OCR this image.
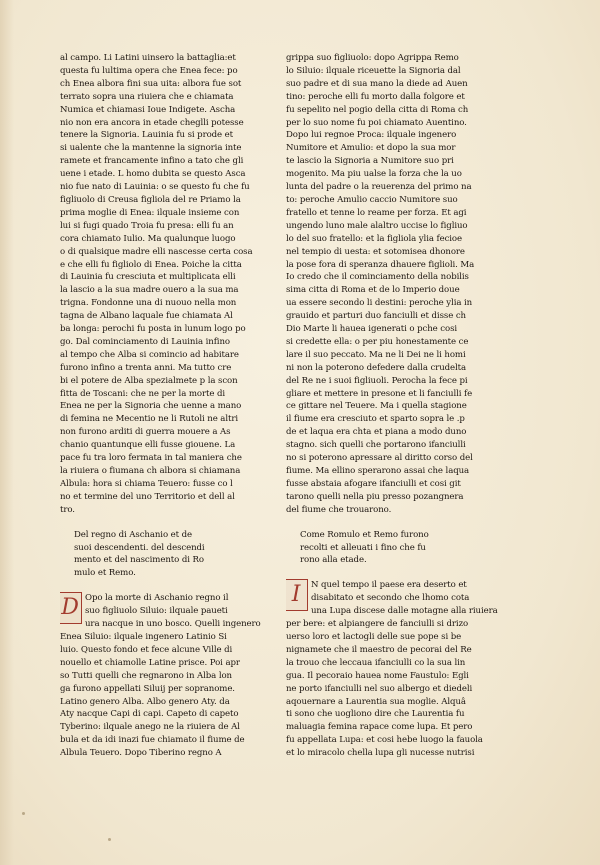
al campo. Li Latini uinsero la battaglia:et
questa fu lultima opera che Enea fece: po
ch Enea albora fini sua uita: albora fue sot
terrato sopra una riuiera che e chiamata
Numica et chiamasi Ioue Indigete. Ascha
nio non era ancora in etade cheglli potesse
tenere la Signoria. Lauinia fu si prode et
si ualente che la mantenne la signoria inte
ramete et francamente infino a tato che gli
uene i etade. L homo dubita se questo Asca
nio fue nato di Lauinia: o se questo fu che fu
figliuolo di Creusa figliola del re Priamo la
prima moglie di Enea: ilquale insieme con
lui si fugi quado Troia fu presa: elli fu an
cora chiamato Iulio. Ma qualunque luogo
o di qualsique madre elli nascesse certa cosa
e che elli fu figliolo di Enea. Poiche la citta
di Lauinia fu cresciuta et multiplicata elli
la lascio a la sua madre ouero a la sua ma
trigna. Fondonne una di nuouo nella mon
tagna de Albano laquale fue chiamata Al
ba longa: perochi fu posta in lunum logo po
go. Dal cominciamento di Lauinia infino
al tempo che Alba si comincio ad habitare
furono infino a trenta anni. Ma tutto cre
bi el potere de Alba spezialmete p la scon
fitta de Toscani: che ne per la morte di
Enea ne per la Signoria che uenne a mano
di femina ne Mecentio ne li Rutoli ne altri
non furono arditi di guerra mouere a As
chanio quantunque elli fusse giouene. La
pace fu tra loro fermata in tal maniera che
la riuiera o fiumana ch albora si chiamana
Albula: hora si chiama Teuero: fusse co l
no et termine del uno Territorio et dell al
tro.
Del regno di Aschanio et de
suoi descendenti. del descendi
mento et del nascimento di Ro
mulo et Remo.
D Opo la morte di Aschanio regno il
suo figliuolo Siluio: ilquale paueti
ura nacque in uno bosco. Quelli ingenero
Enea Siluio: ilquale ingenero Latinio Si
luio. Questo fondo et fece alcune Ville di
nouello et chiamolle Latine prisce. Poi apr
so Tutti quelli che regnarono in Alba lon
ga furono appellati Siluij per sopranome.
Latino genero Alba. Albo genero Aty. da
Aty nacque Capi di capi. Capeto di capeto
Tyberino: ilquale anego ne la riuiera de Al
bula et da idi inazi fue chiamato il fiume de
Albula Teuero. Dopo Tiberino regno A
grippa suo figliuolo: dopo Agrippa Remo
lo Siluio: ilquale riceuette la Signoria dal
suo padre et di sua mano la diede ad Auen
tino: peroche elli fu morto dalla folgore et
fu sepelito nel pogio della citta di Roma ch
per lo suo nome fu poi chiamato Auentino.
Dopo lui regnoe Proca: ilquale ingenero
Numitore et Amulio: et dopo la sua mor
te lascio la Signoria a Numitore suo pri
mogenito. Ma piu ualse la forza che la uo
lunta del padre o la reuerenza del primo na
to: peroche Amulio caccio Numitore suo
fratello et tenne lo reame per forza. Et agi
ungendo luno male alaltro uccise lo figliuo
lo del suo fratello: et la figliola ylia fecioe
nel tempio di uesta: et sotomisea dhonore
la pose fora di speranza dhauere figlioli. Ma
Io credo che il cominciamento della nobilis
sima citta di Roma et de lo Imperio doue
ua essere secondo li destini: peroche ylia in
grauido et parturi duo fanciulli et disse ch
Dio Marte li hauea igenerati o pche cosi
si credette ella: o per piu honestamente ce
lare il suo peccato. Ma ne li Dei ne li homi
ni non la poterono defedere dalla crudelta
del Re ne i suoi figliuoli. Perocha la fece pi
gliare et mettere in presone et li fanciulli fe
ce gittare nel Teuere. Ma i quella stagione
il fiume era cresciuto et sparto sopra le .p
de et laqua era chta et piana a modo duno
stagno. sich quelli che portarono ifanciulli
no si poterono apressare al diritto corso del
fiume. Ma ellino sperarono assai che laqua
fusse abstaia afogare ifanciulli et cosi git
tarono quelli nella piu presso pozangnera
del fiume che trouarono.
Come Romulo et Remo furono
recolti et alleuati i fino che fu
rono alla etade.
I	N quel tempo il paese era deserto et
disabitato et secondo che lhomo cota
una Lupa discese dalle motagne alla riuiera
per bere: et alpiangere de fanciulli si drizo
uerso loro et lactogli delle sue pope si be
nignamete che il maestro de pecorai del Re
la trouo che leccaua ifanciulli co la sua lin
gua. Il pecoraio hauea nome Faustulo: Egli
ne porto ifanciulli nel suo albergo et diedeli
aqouernare a Laurentia sua moglie. Alquâ
ti sono che uogliono dire che Laurentia fu
maluagia femina rapace come lupa. Et pero
fu appellata Lupa: et cosi hebe luogo la fauola
et lo miracolo chella lupa gli nucesse nutrisi
